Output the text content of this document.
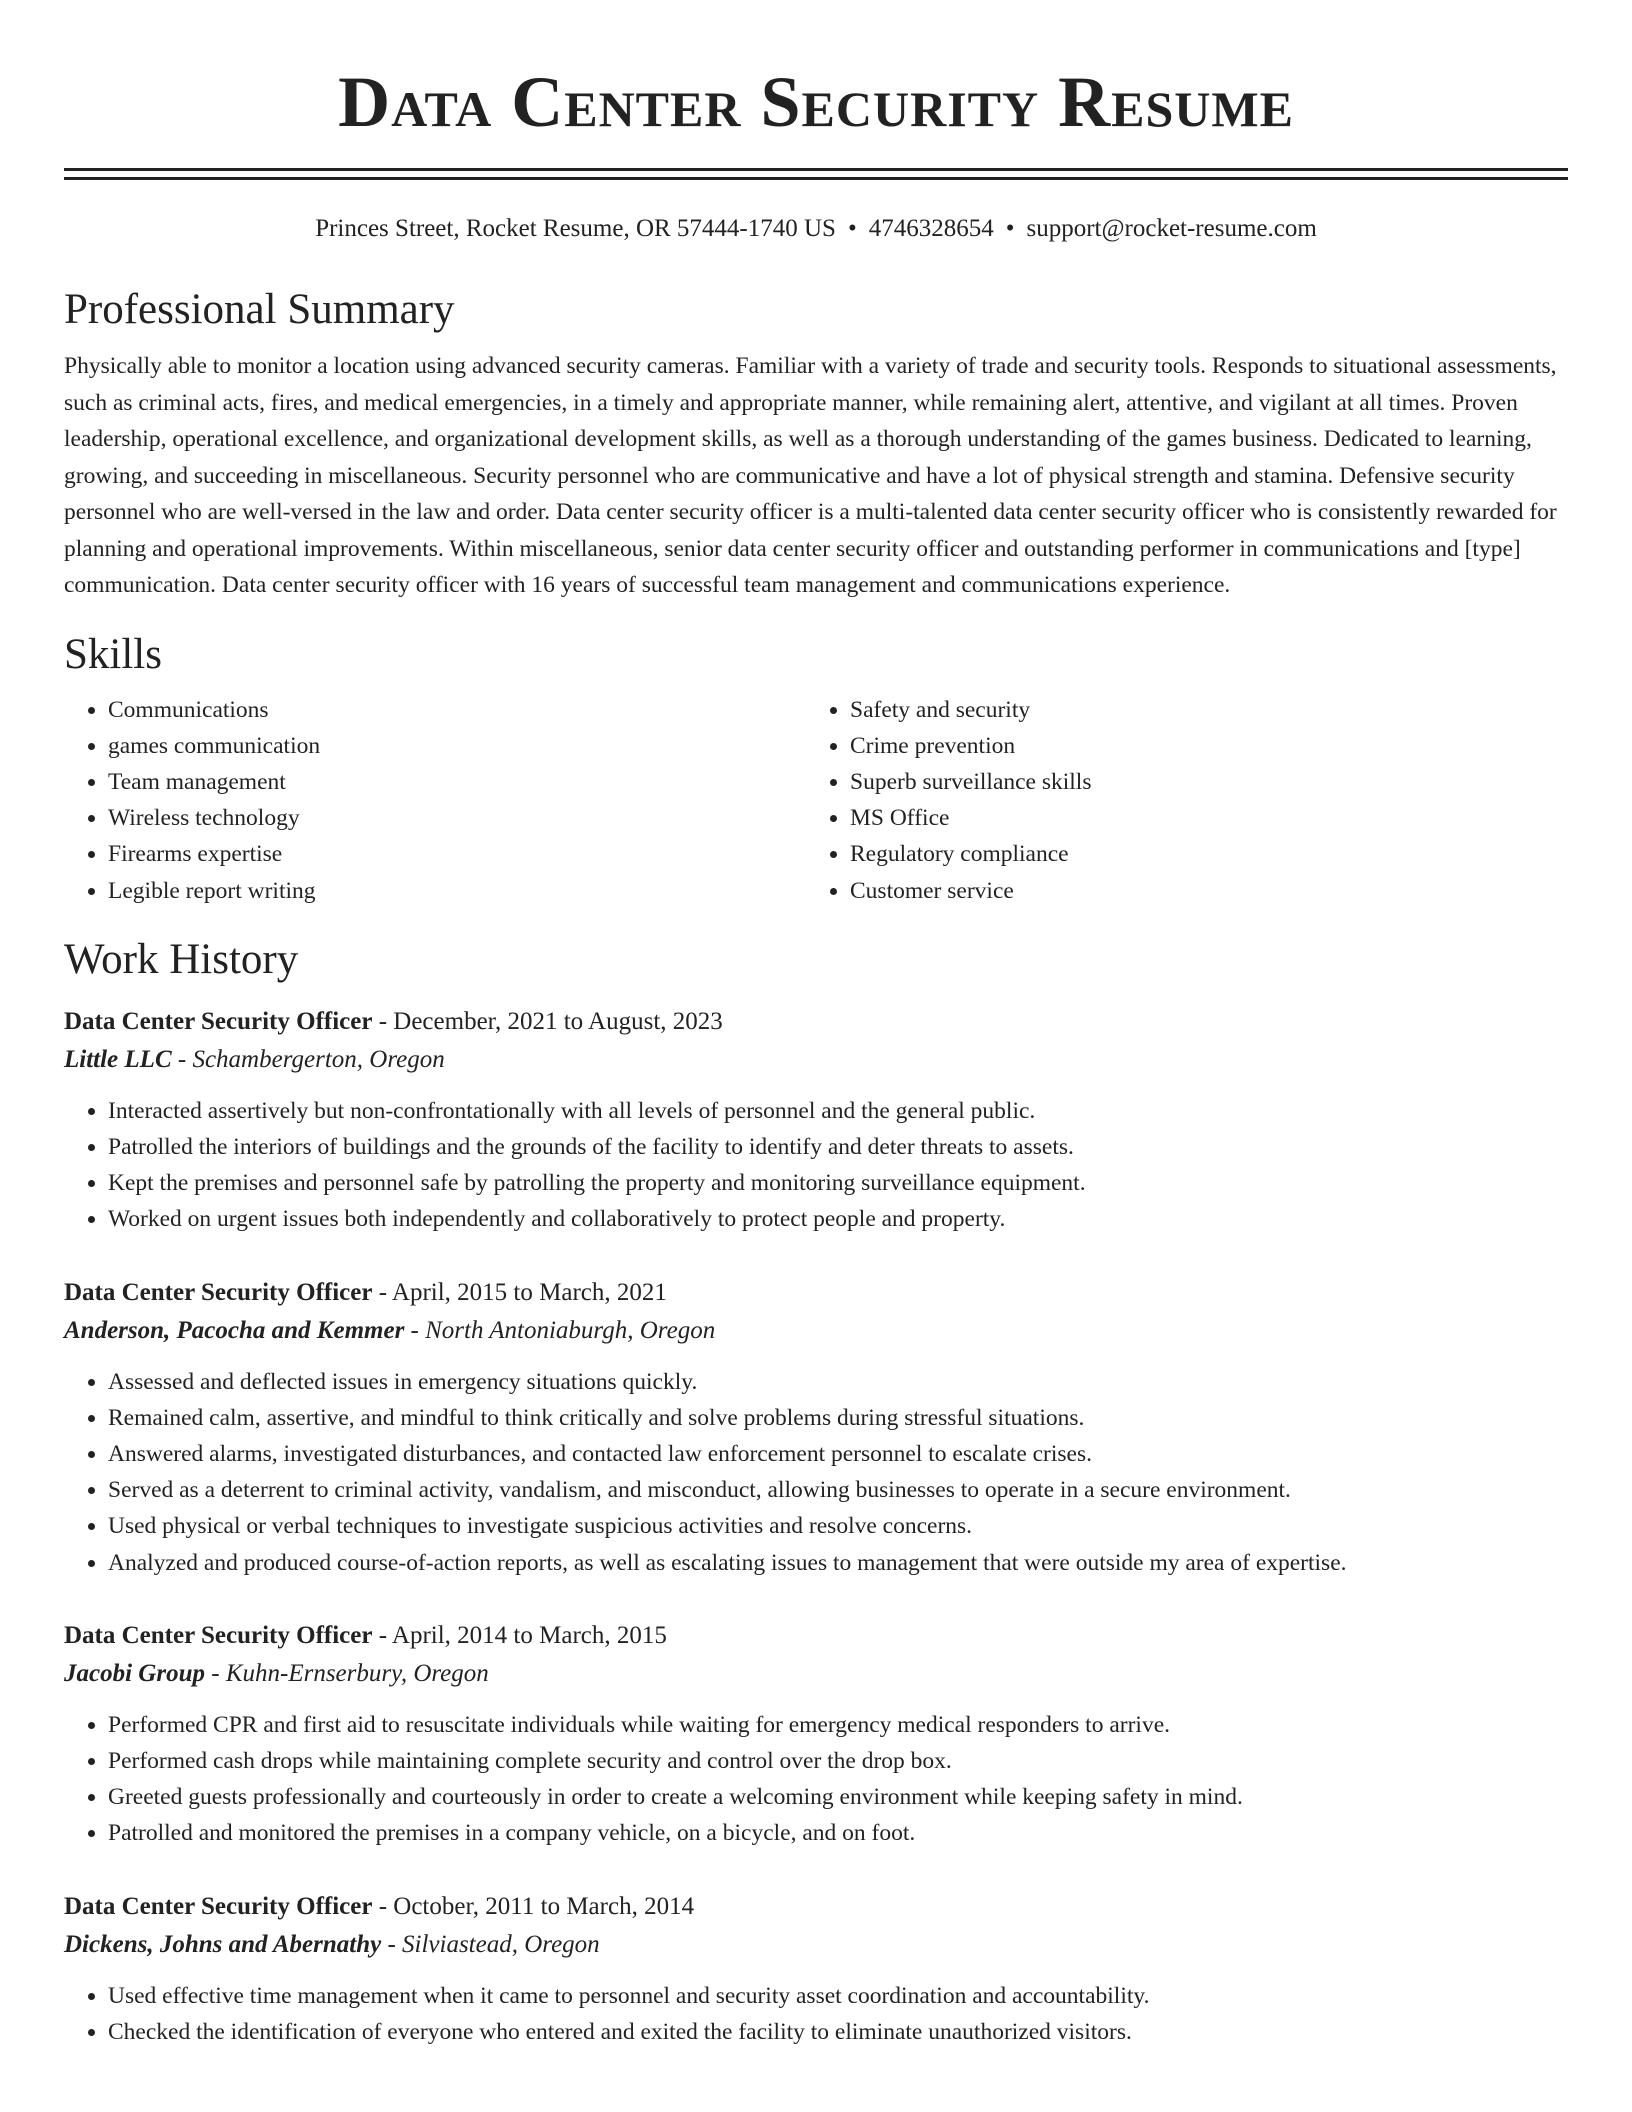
Data Center Security Resume
Princes Street, Rocket Resume, OR 57444-1740 US • 4746328654 • support@rocket-resume.com
Professional Summary

Physically able to monitor a location using advanced security cameras. Familiar with a variety of trade and security tools. Responds to situational assessments, such as criminal acts, fires, and medical emergencies, in a timely and appropriate manner, while remaining alert, attentive, and vigilant at all times. Proven leadership, operational excellence, and organizational development skills, as well as a thorough understanding of the games business. Dedicated to learning, growing, and succeeding in miscellaneous. Security personnel who are communicative and have a lot of physical strength and stamina. Defensive security personnel who are well-versed in the law and order. Data center security officer is a multi-talented data center security officer who is consistently rewarded for planning and operational improvements. Within miscellaneous, senior data center security officer and outstanding performer in communications and [type] communication. Data center security officer with 16 years of successful team management and communications experience.

Skills
• Communications
• games communication
• Team management
• Wireless technology
• Firearms expertise
• Legible report writing
• Safety and security
• Crime prevention
• Superb surveillance skills
• MS Office
• Regulatory compliance
• Customer service
Work History
Data Center Security Officer - December, 2021 to August, 2023
Little LLC - Schambergerton, Oregon
• Interacted assertively but non-confrontationally with all levels of personnel and the general public.
• Patrolled the interiors of buildings and the grounds of the facility to identify and deter threats to assets.
• Kept the premises and personnel safe by patrolling the property and monitoring surveillance equipment.
• Worked on urgent issues both independently and collaboratively to protect people and property.
Data Center Security Officer - April, 2015 to March, 2021
Anderson, Pacocha and Kemmer - North Antoniaburgh, Oregon
• Assessed and deflected issues in emergency situations quickly.
• Remained calm, assertive, and mindful to think critically and solve problems during stressful situations.
• Answered alarms, investigated disturbances, and contacted law enforcement personnel to escalate crises.
• Served as a deterrent to criminal activity, vandalism, and misconduct, allowing businesses to operate in a secure environment.
• Used physical or verbal techniques to investigate suspicious activities and resolve concerns.
• Analyzed and produced course-of-action reports, as well as escalating issues to management that were outside my area of expertise.
Data Center Security Officer - April, 2014 to March, 2015
Jacobi Group - Kuhn-Ernserbury, Oregon
• Performed CPR and first aid to resuscitate individuals while waiting for emergency medical responders to arrive.
• Performed cash drops while maintaining complete security and control over the drop box.
• Greeted guests professionally and courteously in order to create a welcoming environment while keeping safety in mind.
• Patrolled and monitored the premises in a company vehicle, on a bicycle, and on foot.
Data Center Security Officer - October, 2011 to March, 2014
Dickens, Johns and Abernathy - Silviastead, Oregon
• Used effective time management when it came to personnel and security asset coordination and accountability.
• Checked the identification of everyone who entered and exited the facility to eliminate unauthorized visitors.
